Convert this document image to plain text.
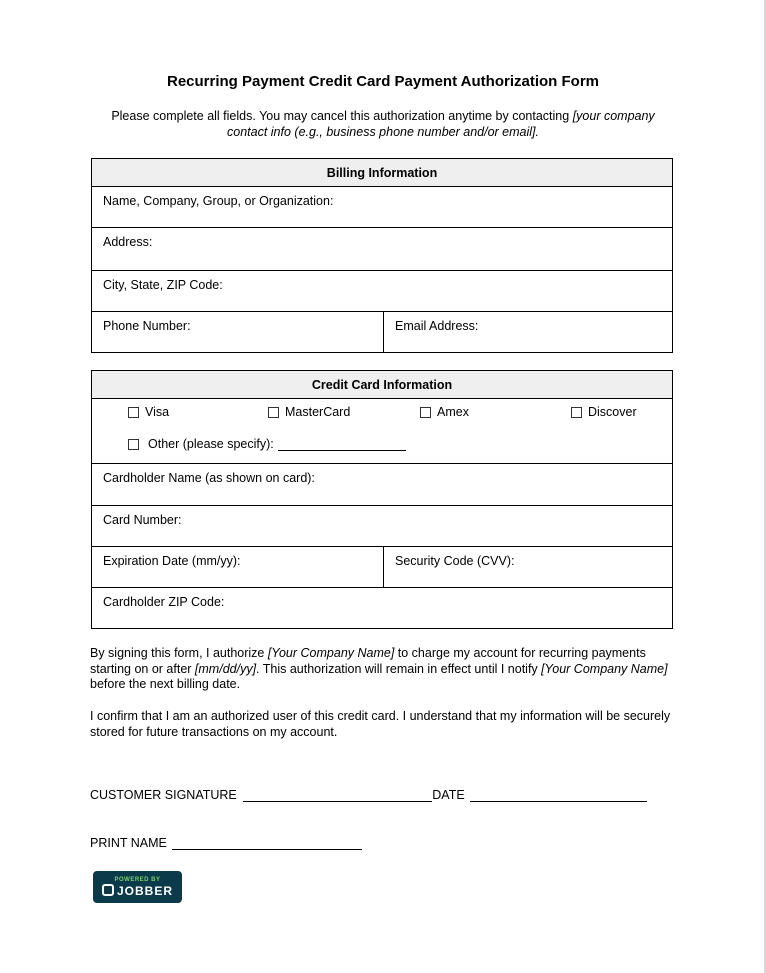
Recurring Payment Credit Card Payment Authorization Form
Please complete all fields. You may cancel this authorization anytime by contacting [your company contact info (e.g., business phone number and/or email].
Billing Information
Name, Company, Group, or Organization:
Address:
City, State, ZIP Code:
Phone Number:	Email Address:
Credit Card Information

Visa	MasterCard	Amex	Discover
Other (please specify):

Cardholder Name (as shown on card):
Card Number:
Expiration Date (mm/yy):	Security Code (CVV):
Cardholder ZIP Code:
By signing this form, I authorize [Your Company Name] to charge my account for recurring payments starting on or after [mm/dd/yy]. This authorization will remain in effect until I notify [Your Company Name] before the next billing date.
I confirm that I am an authorized user of this credit card. I understand that my information will be securely stored for future transactions on my account.
CUSTOMER SIGNATURE	DATE
PRINT NAME
POWERED BY
JOBBER
